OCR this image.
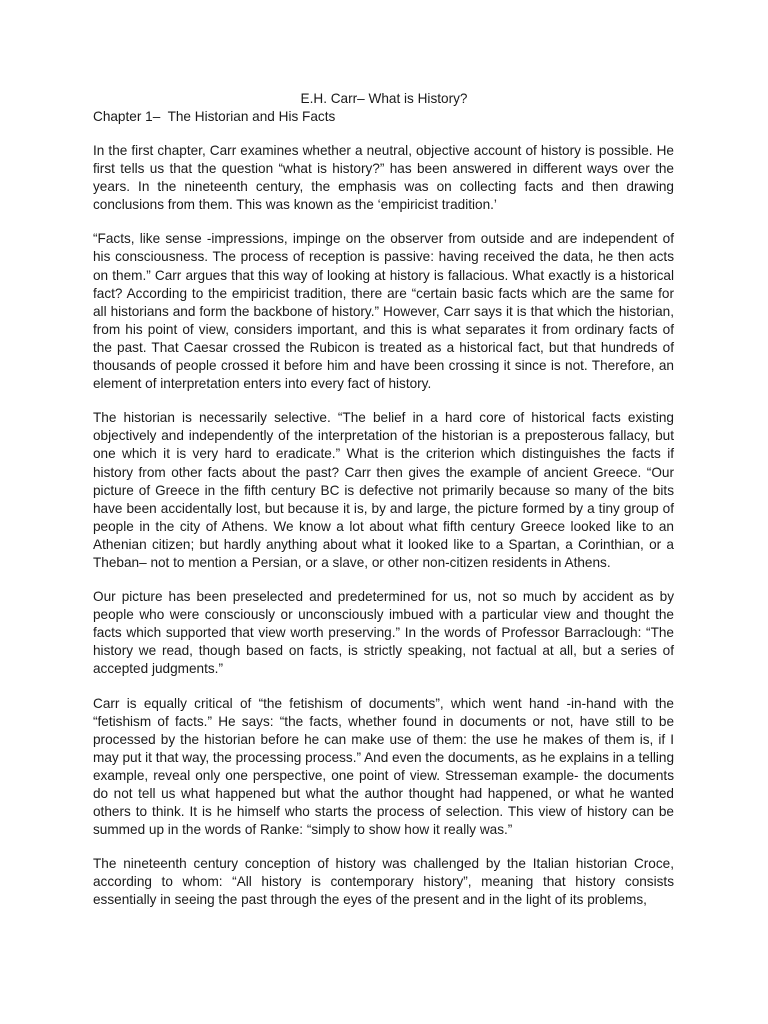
E.H. Carr– What is History?
Chapter 1–  The Historian and His Facts

In the first chapter, Carr examines whether a neutral, objective account of history is possible. He first tells us that the question “what is history?” has been answered in different ways over the years. In the nineteenth century, the emphasis was on collecting facts and then drawing conclusions from them. This was known as the ‘empiricist tradition.’

“Facts, like sense -impressions, impinge on the observer from outside and are independent of his consciousness. The process of reception is passive: having received the data, he then acts on them.” Carr argues that this way of looking at history is fallacious. What exactly is a historical fact? According to the empiricist tradition, there are “certain basic facts which are the same for all historians and form the backbone of history.” However, Carr says it is that which the historian, from his point of view, considers important, and this is what separates it from ordinary facts of the past. That Caesar crossed the Rubicon is treated as a historical fact, but that hundreds of thousands of people crossed it before him and have been crossing it since is not. Therefore, an element of interpretation enters into every fact of history.

The historian is necessarily selective. “The belief in a hard core of historical facts existing objectively and independently of the interpretation of the historian is a preposterous fallacy, but one which it is very hard to eradicate.” What is the criterion which distinguishes the facts if history from other facts about the past? Carr then gives the example of ancient Greece. “Our picture of Greece in the fifth century BC is defective not primarily because so many of the bits have been accidentally lost, but because it is, by and large, the picture formed by a tiny group of people in the city of Athens. We know a lot about what fifth century Greece looked like to an Athenian citizen; but hardly anything about what it looked like to a Spartan, a Corinthian, or a Theban– not to mention a Persian, or a slave, or other non-citizen residents in Athens.

Our picture has been preselected and predetermined for us, not so much by accident as by people who were consciously or unconsciously imbued with a particular view and thought the facts which supported that view worth preserving.” In the words of Professor Barraclough: “The history we read, though based on facts, is strictly speaking, not factual at all, but a series of accepted judgments.”

Carr is equally critical of “the fetishism of documents”, which went hand -in-hand with the “fetishism of facts.” He says: “the facts, whether found in documents or not, have still to be processed by the historian before he can make use of them: the use he makes of them is, if I may put it that way, the processing process.” And even the documents, as he explains in a telling example, reveal only one perspective, one point of view. Stresseman example- the documents do not tell us what happened but what the author thought had happened, or what he wanted others to think. It is he himself who starts the process of selection. This view of history can be summed up in the words of Ranke: “simply to show how it really was.”

The nineteenth century conception of history was challenged by the Italian historian Croce, according to whom: “All history is contemporary history”, meaning that history consists essentially in seeing the past through the eyes of the present and in the light of its problems,
